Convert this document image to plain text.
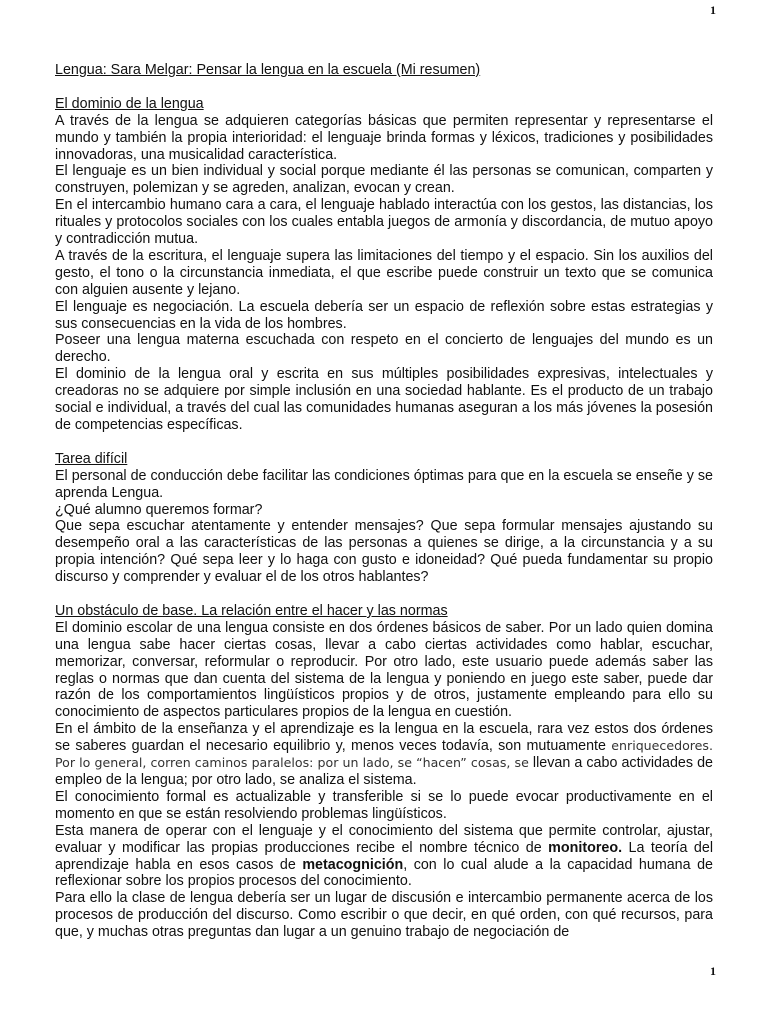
1

Lengua: Sara Melgar: Pensar la lengua en la escuela (Mi resumen)

El dominio de la lengua

A través de la lengua se adquieren categorías básicas que permiten representar y representarse el mundo y también la propia interioridad: el lenguaje brinda formas y léxicos, tradiciones y posibilidades innovadoras, una musicalidad característica.

El lenguaje es un bien individual y social porque mediante él las personas se comunican, comparten y construyen, polemizan y se agreden, analizan, evocan y crean.

En el intercambio humano cara a cara, el lenguaje hablado interactúa con los gestos, las distancias, los rituales y protocolos sociales con los cuales entabla juegos de armonía y discordancia, de mutuo apoyo y contradicción mutua.

A través de la escritura, el lenguaje supera las limitaciones del tiempo y el espacio. Sin los auxilios del gesto, el tono o la circunstancia inmediata, el que escribe puede construir un texto que se comunica con alguien ausente y lejano.

El lenguaje es negociación. La escuela debería ser un espacio de reflexión sobre estas estrategias y sus consecuencias en la vida de los hombres.

Poseer una lengua materna escuchada con respeto en el concierto de lenguajes del mundo es un derecho.

El dominio de la lengua oral y escrita en sus múltiples posibilidades expresivas, intelectuales y creadoras no se adquiere por simple inclusión en una sociedad hablante. Es el producto de un trabajo social e individual, a través del cual las comunidades humanas aseguran a los más jóvenes la posesión de competencias específicas.

Tarea difícil

El personal de conducción debe facilitar las condiciones óptimas para que en la escuela se enseñe y se aprenda Lengua.

¿Qué alumno queremos formar?

Que sepa escuchar atentamente y entender mensajes? Que sepa formular mensajes ajustando su desempeño oral a las características de las personas a quienes se dirige, a la circunstancia y a su propia intención? Qué sepa leer y lo haga con gusto e idoneidad? Qué pueda fundamentar su propio discurso y comprender y evaluar el de los otros hablantes?

Un obstáculo de base. La relación entre el hacer y las normas

El dominio escolar de una lengua consiste en dos órdenes básicos de saber. Por un lado quien domina una lengua sabe hacer ciertas cosas, llevar a cabo ciertas actividades como hablar, escuchar, memorizar, conversar, reformular o reproducir. Por otro lado, este usuario puede además saber las reglas o normas que dan cuenta del sistema de la lengua y poniendo en juego este saber, puede dar razón de los comportamientos lingüísticos propios y de otros, justamente empleando para ello su conocimiento de aspectos particulares propios de la lengua en cuestión.

En el ámbito de la enseñanza y el aprendizaje es la lengua en la escuela, rara vez estos dos órdenes se saberes guardan el necesario equilibrio y, menos veces todavía, son mutuamente enriquecedores. Por lo general, corren caminos paralelos: por un lado, se “hacen” cosas, se llevan a cabo actividades de empleo de la lengua; por otro lado, se analiza el sistema.

El conocimiento formal es actualizable y transferible si se lo puede evocar productivamente en el momento en que se están resolviendo problemas lingüísticos.

Esta manera de operar con el lenguaje y el conocimiento del sistema que permite controlar, ajustar, evaluar y modificar las propias producciones recibe el nombre técnico de monitoreo. La teoría del aprendizaje habla en esos casos de metacognición, con lo cual alude a la capacidad humana de reflexionar sobre los propios procesos del conocimiento.

Para ello la clase de lengua debería ser un lugar de discusión e intercambio permanente acerca de los procesos de producción del discurso. Como escribir o que decir, en qué orden, con qué recursos, para que, y muchas otras preguntas dan lugar a un genuino trabajo de negociación de

1
